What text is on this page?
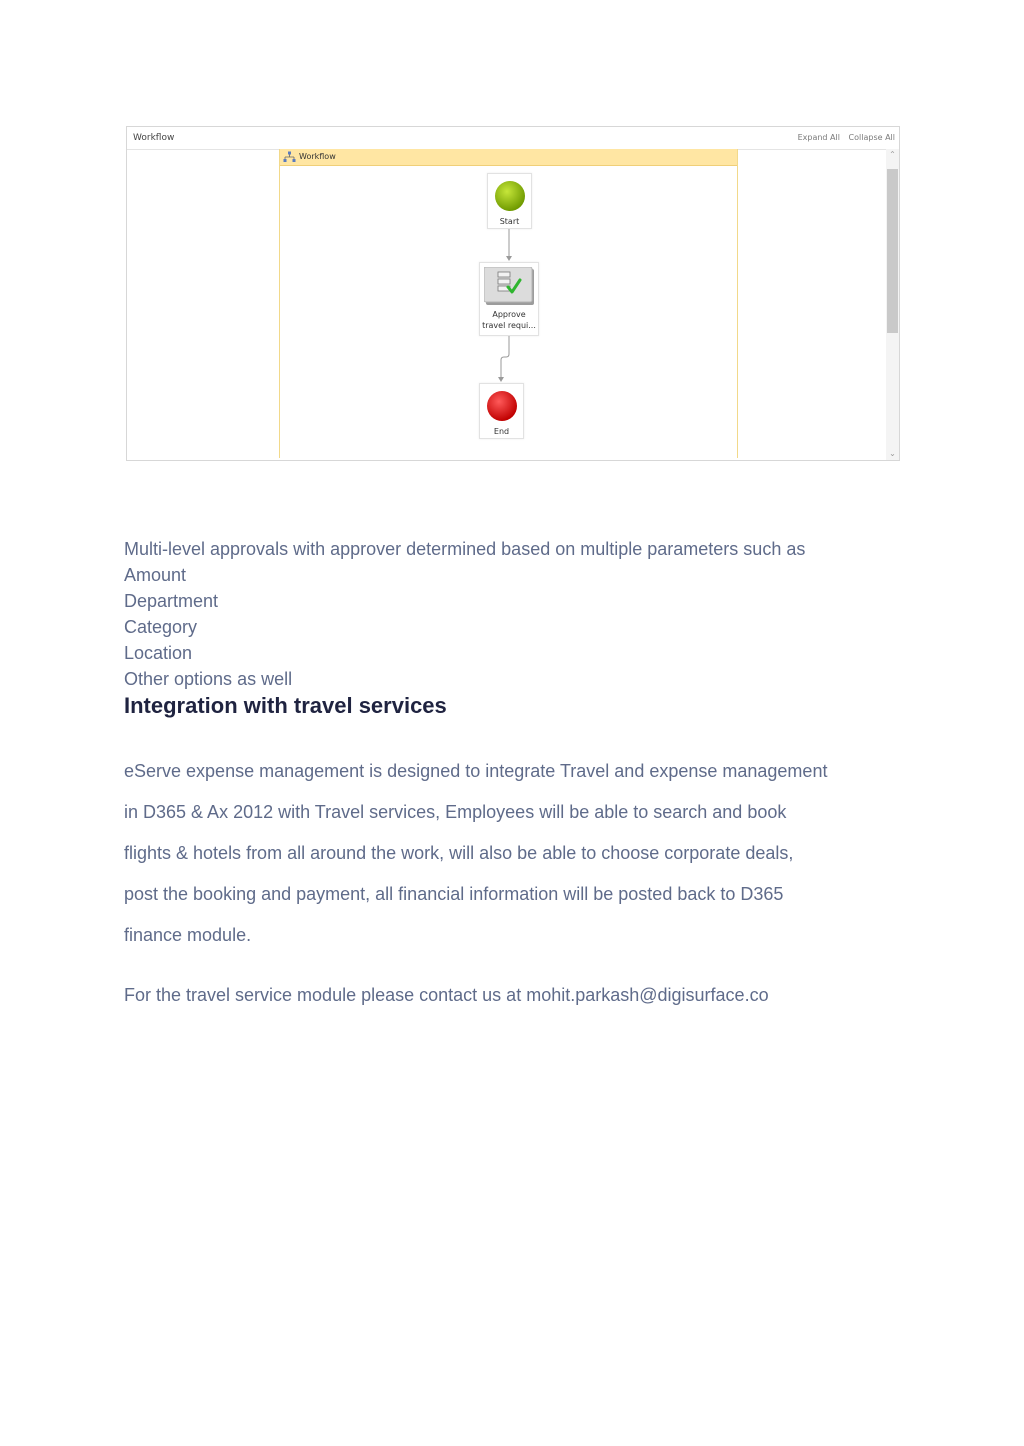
Workflow	Expand All Collapse All
Workflow
Start
Approve
travel requi...
End
⌃
⌄
Multi-level approvals with approver determined based on multiple parameters such as
Amount
Department
Category
Location
Other options as well
Integration with travel services
eServe expense management is designed to integrate Travel and expense management
in D365 & Ax 2012 with Travel services, Employees will be able to search and book
flights & hotels from all around the work, will also be able to choose corporate deals,
post the booking and payment, all financial information will be posted back to D365
finance module.
For the travel service module please contact us at mohit.parkash@digisurface.co
